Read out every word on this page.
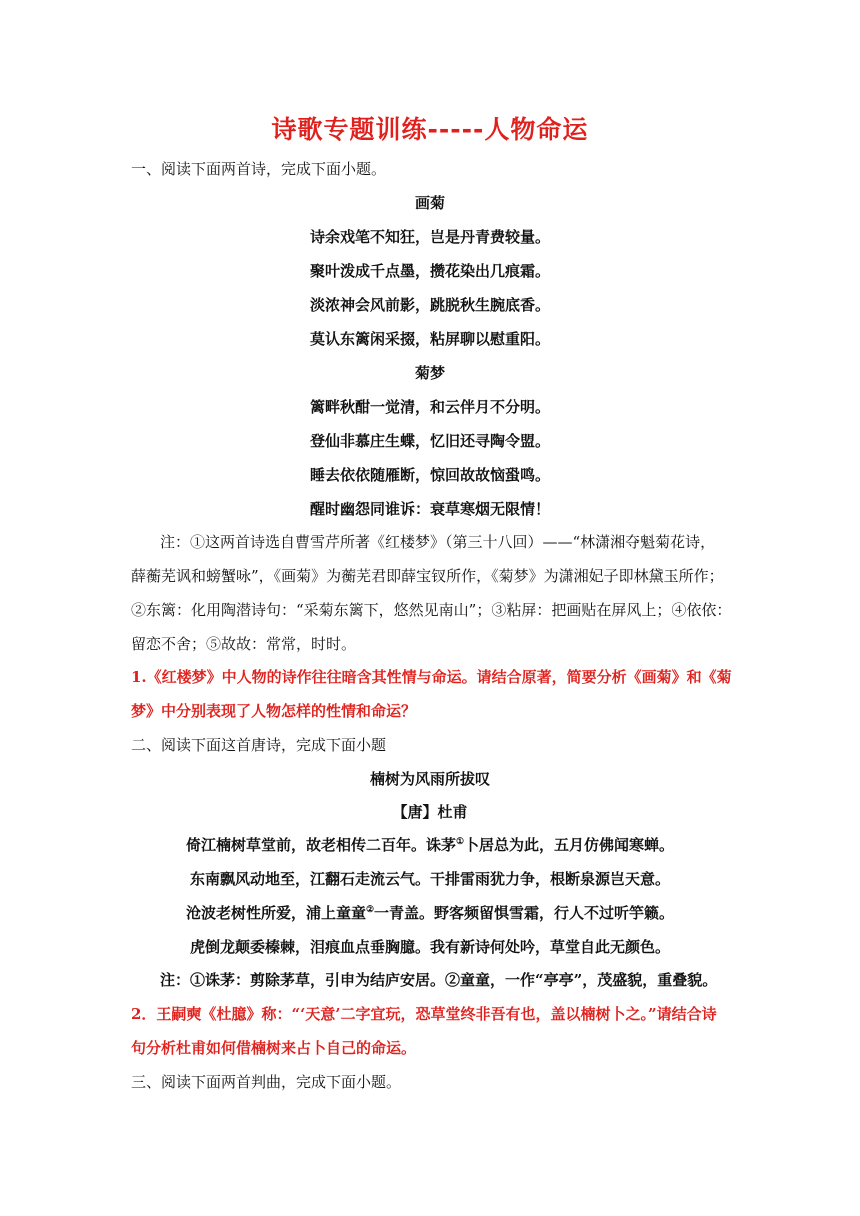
诗歌专题训练-----人物命运
一、阅读下面两首诗，完成下面小题。
画菊
诗余戏笔不知狂，岂是丹青费较量。
聚叶泼成千点墨，攒花染出几痕霜。
淡浓神会风前影，跳脱秋生腕底香。
莫认东篱闲采掇，粘屏聊以慰重阳。
菊梦
篱畔秋酣一觉清，和云伴月不分明。
登仙非慕庄生蝶，忆旧还寻陶令盟。
睡去依依随雁断，惊回故故恼蛩鸣。
醒时幽怨同谁诉：衰草寒烟无限情！
注：①这两首诗选自曹雪芹所著《红楼梦》（第三十八回）——“林潇湘夺魁菊花诗，
薛蘅芜讽和螃蟹咏”，《画菊》为蘅芜君即薛宝钗所作，《菊梦》为潇湘妃子即林黛玉所作；
②东篱：化用陶潜诗句：“采菊东篱下，悠然见南山”；③粘屏：把画贴在屏风上；④依依：
留恋不舍；⑤故故：常常，时时。
1.《红楼梦》中人物的诗作往往暗含其性情与命运。请结合原著，简要分析《画菊》和《菊
梦》中分别表现了人物怎样的性情和命运？
二、阅读下面这首唐诗，完成下面小题
楠树为风雨所拔叹
【唐】杜甫
倚江楠树草堂前，故老相传二百年。诛茅①卜居总为此，五月仿佛闻寒蝉。
东南飘风动地至，江翻石走流云气。干排雷雨犹力争，根断泉源岂天意。
沧波老树性所爱，浦上童童②一青盖。野客频留惧雪霜，行人不过听竽籁。
虎倒龙颠委榛棘，泪痕血点垂胸臆。我有新诗何处吟，草堂自此无颜色。
注：①诛茅：剪除茅草，引申为结庐安居。②童童，一作“亭亭”，茂盛貌，重叠貌。
2．王嗣奭《杜臆》称：“‘天意’二字宜玩，恐草堂终非吾有也，盖以楠树卜之。”请结合诗
句分析杜甫如何借楠树来占卜自己的命运。
三、阅读下面两首判曲，完成下面小题。
